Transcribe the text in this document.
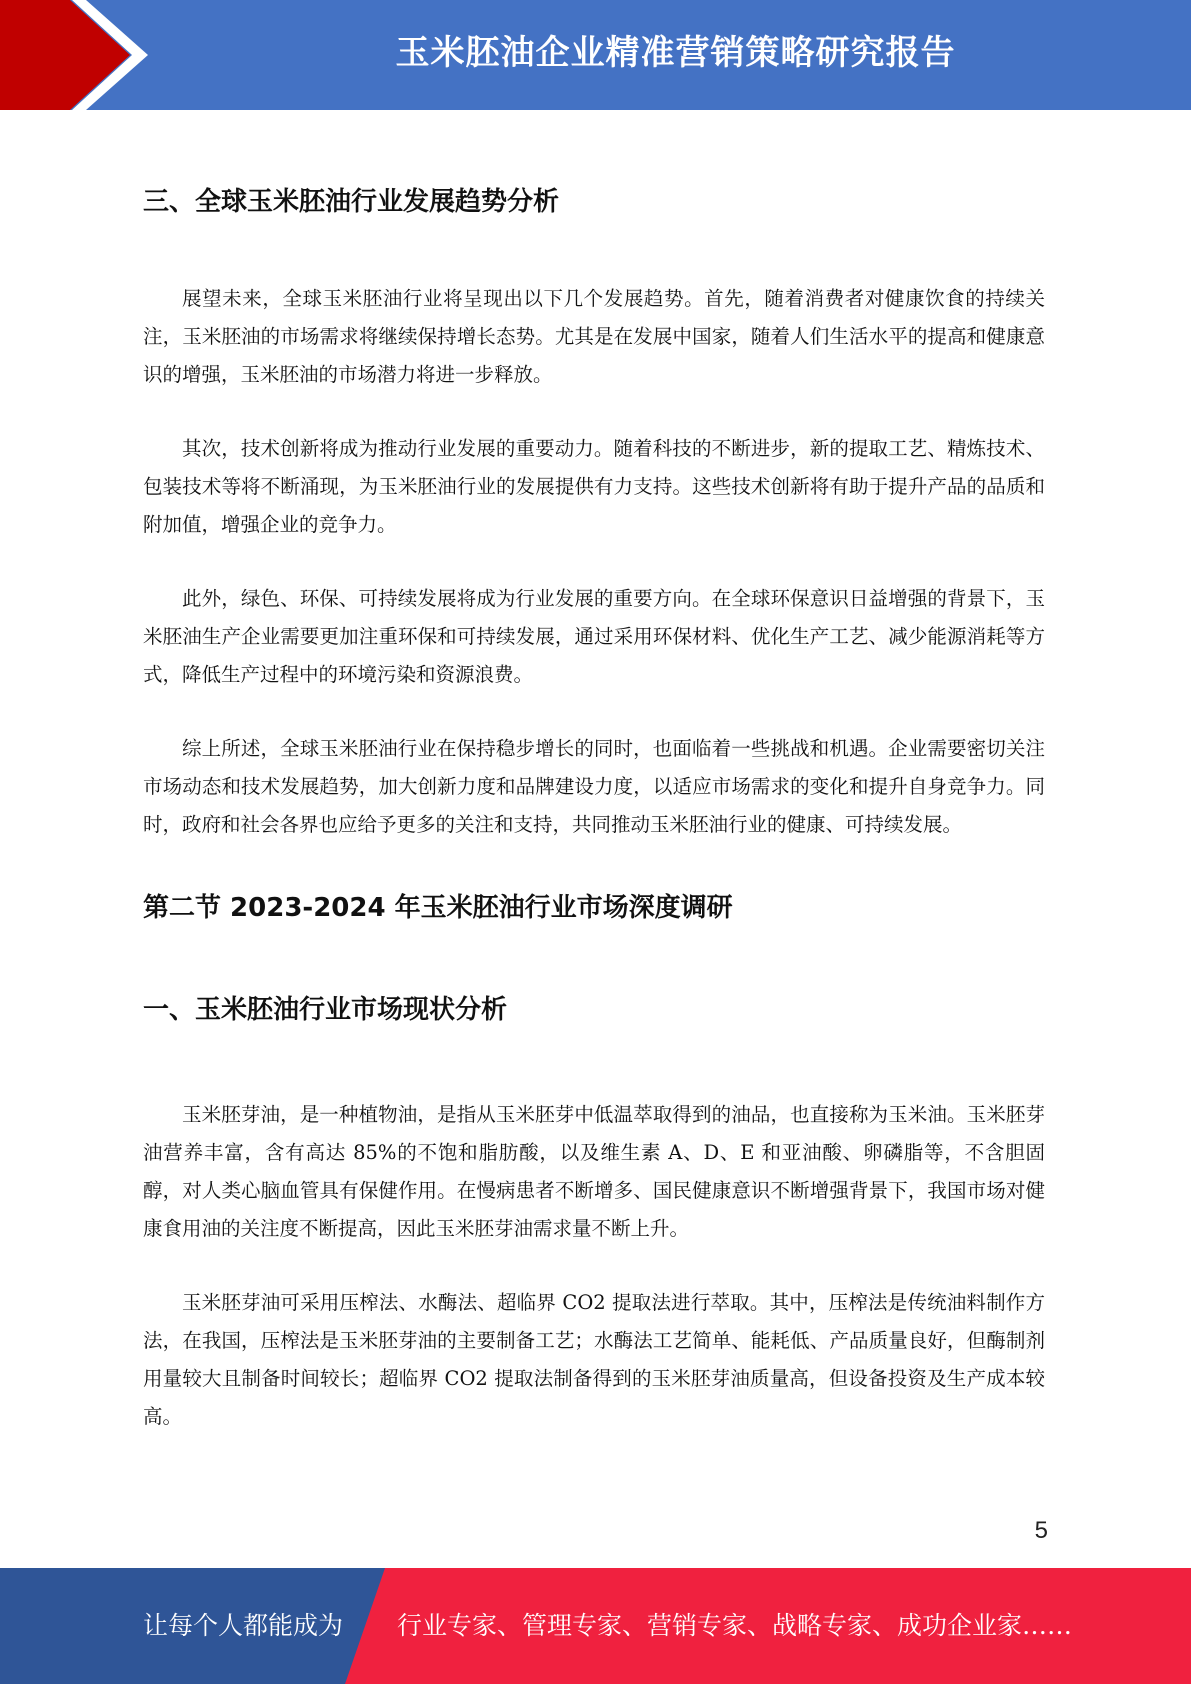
玉米胚油企业精准营销策略研究报告
三、全球玉米胚油行业发展趋势分析

展望未来，全球玉米胚油行业将呈现出以下几个发展趋势。首先，随着消费者对健康饮食的持续关注，玉米胚油的市场需求将继续保持增长态势。尤其是在发展中国家，随着人们生活水平的提高和健康意识的增强，玉米胚油的市场潜力将进一步释放。

其次，技术创新将成为推动行业发展的重要动力。随着科技的不断进步，新的提取工艺、精炼技术、包装技术等将不断涌现，为玉米胚油行业的发展提供有力支持。这些技术创新将有助于提升产品的品质和附加值，增强企业的竞争力。

此外，绿色、环保、可持续发展将成为行业发展的重要方向。在全球环保意识日益增强的背景下，玉米胚油生产企业需要更加注重环保和可持续发展，通过采用环保材料、优化生产工艺、减少能源消耗等方式，降低生产过程中的环境污染和资源浪费。

综上所述，全球玉米胚油行业在保持稳步增长的同时，也面临着一些挑战和机遇。企业需要密切关注市场动态和技术发展趋势，加大创新力度和品牌建设力度，以适应市场需求的变化和提升自身竞争力。同时，政府和社会各界也应给予更多的关注和支持，共同推动玉米胚油行业的健康、可持续发展。

第二节 2023-2024 年玉米胚油行业市场深度调研
一、玉米胚油行业市场现状分析

玉米胚芽油，是一种植物油，是指从玉米胚芽中低温萃取得到的油品，也直接称为玉米油。玉米胚芽油营养丰富，含有高达 85%的不饱和脂肪酸，以及维生素 A、D、E 和亚油酸、卵磷脂等，不含胆固醇，对人类心脑血管具有保健作用。在慢病患者不断增多、国民健康意识不断增强背景下，我国市场对健康食用油的关注度不断提高，因此玉米胚芽油需求量不断上升。

玉米胚芽油可采用压榨法、水酶法、超临界 CO2 提取法进行萃取。其中，压榨法是传统油料制作方法，在我国，压榨法是玉米胚芽油的主要制备工艺；水酶法工艺简单、能耗低、产品质量良好，但酶制剂用量较大且制备时间较长；超临界 CO2 提取法制备得到的玉米胚芽油质量高，但设备投资及生产成本较高。

5
让每个人都能成为 行业专家、管理专家、营销专家、战略专家、成功企业家……
